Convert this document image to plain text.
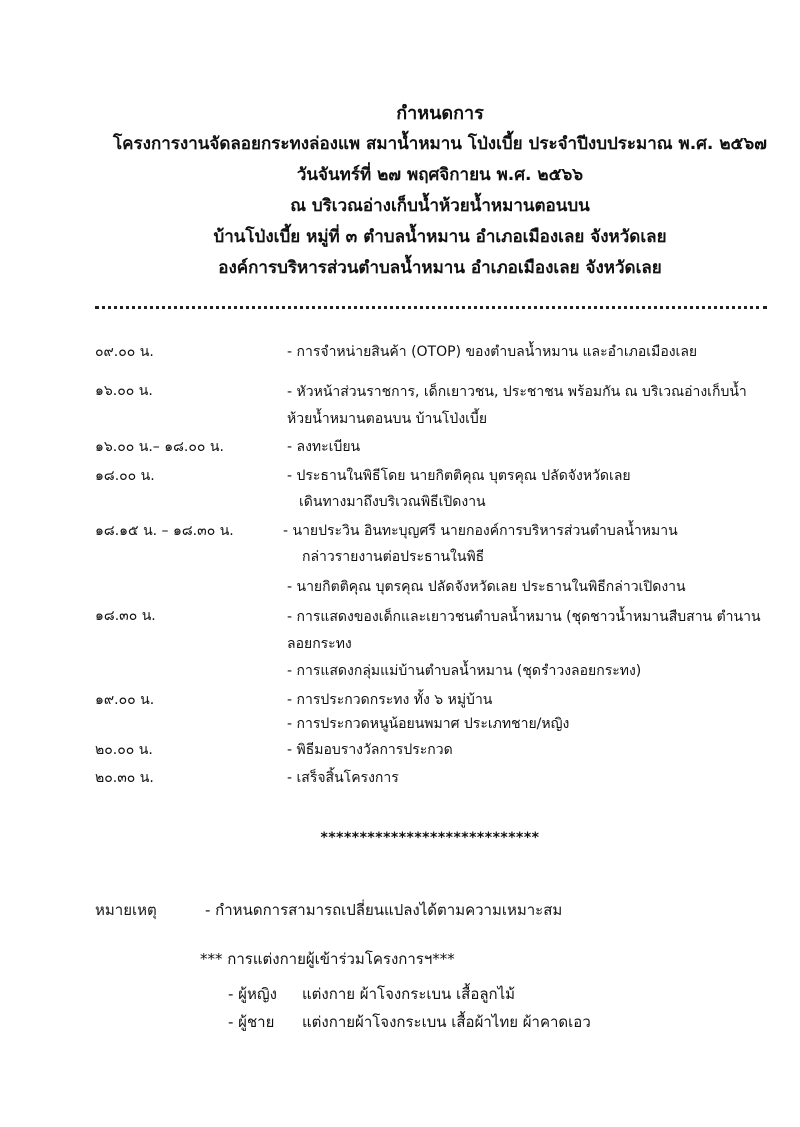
กำหนดการ
โครงการงานจัดลอยกระทงล่องแพ สมาน้ำหมาน โป่งเบี้ย ประจำปีงบประมาณ พ.ศ. ๒๕๖๗
วันจันทร์ที่ ๒๗ พฤศจิกายน พ.ศ. ๒๕๖๖
ณ บริเวณอ่างเก็บน้ำห้วยน้ำหมานตอนบน
บ้านโป่งเบี้ย หมู่ที่ ๓ ตำบลน้ำหมาน อำเภอเมืองเลย จังหวัดเลย
องค์การบริหารส่วนตำบลน้ำหมาน อำเภอเมืองเลย จังหวัดเลย
๐๙.๐๐ น.	- การจำหน่ายสินค้า (OTOP) ของตำบลน้ำหมาน และอำเภอเมืองเลย
๑๖.๐๐ น.	- หัวหน้าส่วนราชการ, เด็กเยาวชน, ประชาชน พร้อมกัน ณ บริเวณอ่างเก็บน้ำห้วยน้ำหมานตอนบน บ้านโป่งเบี้ย
๑๖.๐๐ น.– ๑๘.๐๐ น.	- ลงทะเบียน
๑๘.๐๐ น.	- ประธานในพิธีโดย นายกิตติคุณ บุตรคุณ ปลัดจังหวัดเลย
เดินทางมาถึงบริเวณพิธีเปิดงาน
๑๘.๑๕ น. – ๑๘.๓๐ น.	- นายประวิน อินทะบุญศรี นายกองค์การบริหารส่วนตำบลน้ำหมาน
กล่าวรายงานต่อประธานในพิธี
- นายกิตติคุณ บุตรคุณ ปลัดจังหวัดเลย ประธานในพิธีกล่าวเปิดงาน
๑๘.๓๐ น.	- การแสดงของเด็กและเยาวชนตำบลน้ำหมาน (ชุดชาวน้ำหมานสืบสาน ตำนานลอยกระทง
- การแสดงกลุ่มแม่บ้านตำบลน้ำหมาน (ชุดรำวงลอยกระทง)
๑๙.๐๐ น.	- การประกวดกระทง ทั้ง ๖ หมู่บ้าน
- การประกวดหนูน้อยนพมาศ ประเภทชาย/หญิง
๒๐.๐๐ น.	- พิธีมอบรางวัลการประกวด
๒๐.๓๐ น.	- เสร็จสิ้นโครงการ
****************************
หมายเหตุ	- กำหนดการสามารถเปลี่ยนแปลงได้ตามความเหมาะสม
*** การแต่งกายผู้เข้าร่วมโครงการฯ***
- ผู้หญิง แต่งกาย ผ้าโจงกระเบน เสื้อลูกไม้
- ผู้ชาย แต่งกายผ้าโจงกระเบน เสื้อผ้าไทย ผ้าคาดเอว
